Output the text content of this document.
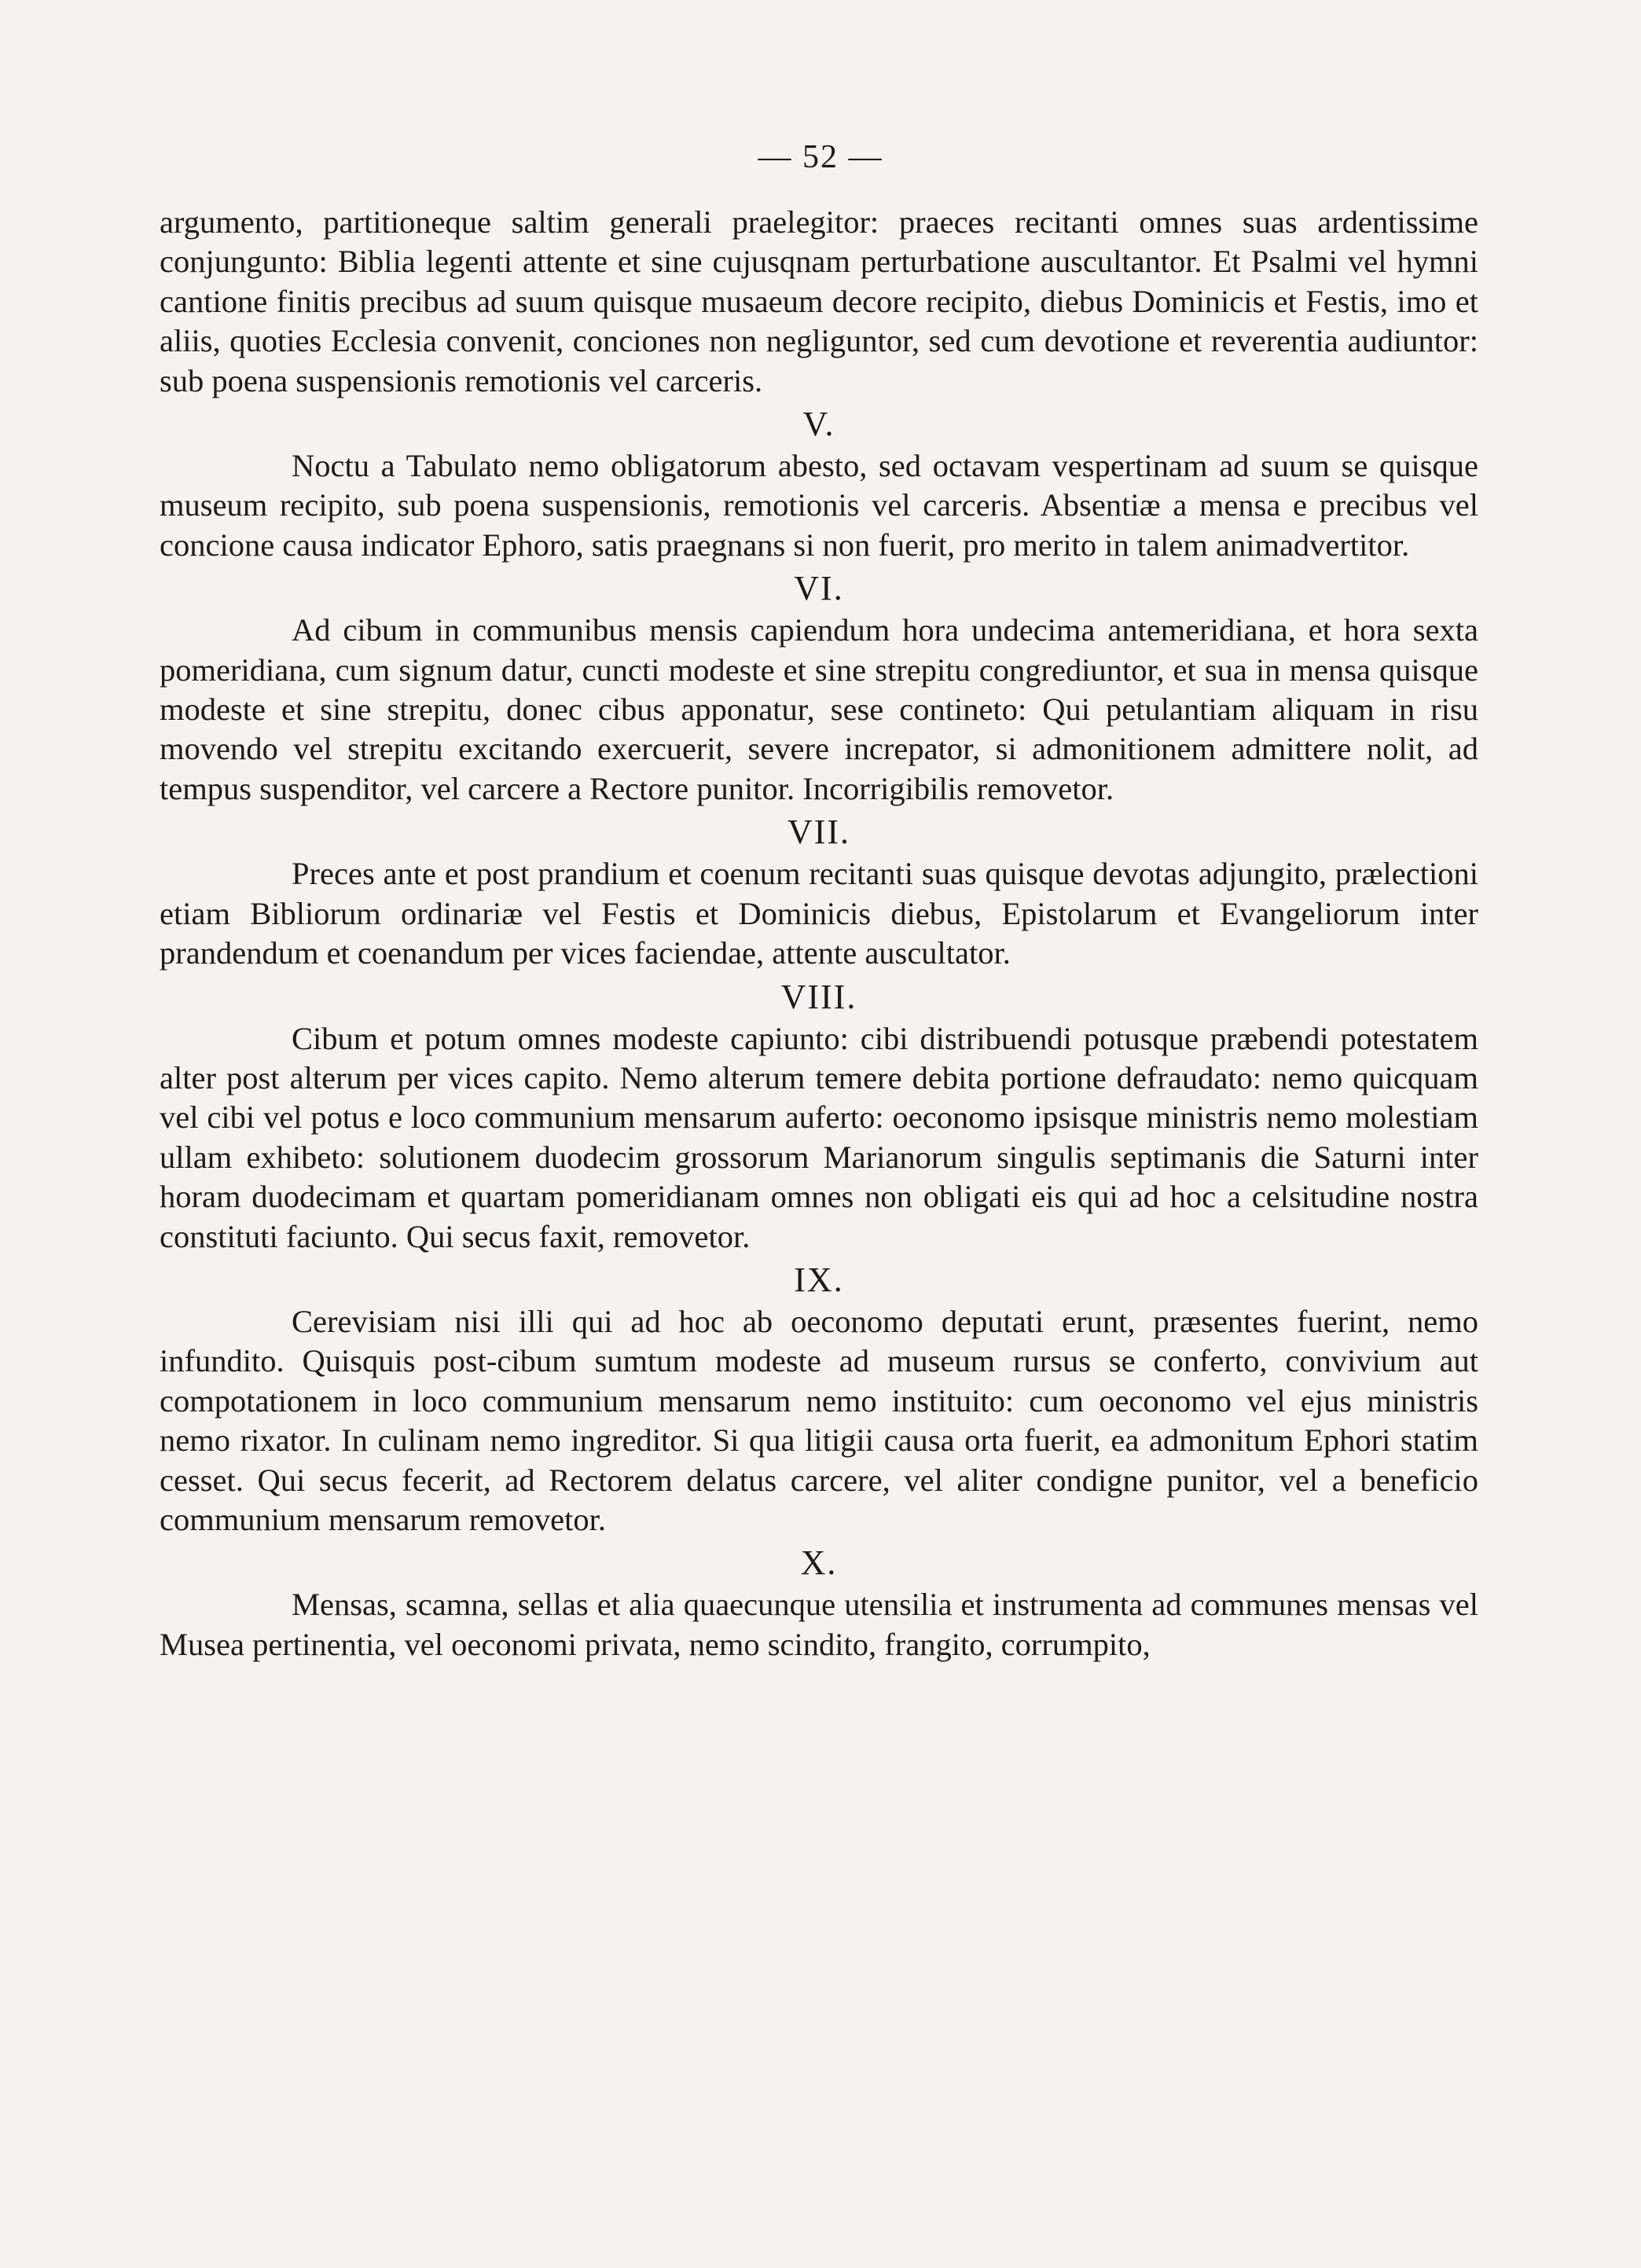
— 52 —

argumento, partitioneque saltim generali praelegitor: praeces recitanti omnes suas ardentissime conjungunto: Biblia legenti attente et sine cujusqnam perturbatione auscultantor. Et Psalmi vel hymni cantione finitis precibus ad suum quisque musaeum decore recipito, diebus Dominicis et Festis, imo et aliis, quoties Ecclesia convenit, conciones non negliguntor, sed cum devotione et reverentia audiuntor: sub poena suspensionis remotionis vel carceris.

V.

Noctu a Tabulato nemo obligatorum abesto, sed octavam vespertinam ad suum se quisque museum recipito, sub poena suspensionis, remotionis vel carceris. Absentiæ a mensa e precibus vel concione causa indicator Ephoro, satis praegnans si non fuerit, pro merito in talem animadvertitor.

VI.

Ad cibum in communibus mensis capiendum hora undecima antemeridiana, et hora sexta pomeridiana, cum signum datur, cuncti modeste et sine strepitu congrediuntor, et sua in mensa quisque modeste et sine strepitu, donec cibus apponatur, sese contineto: Qui petulantiam aliquam in risu movendo vel strepitu excitando exercuerit, severe increpator, si admonitionem admittere nolit, ad tempus suspenditor, vel carcere a Rectore punitor. Incorrigibilis removetor.

VII.

Preces ante et post prandium et coenum recitanti suas quisque devotas adjungito, prælectioni etiam Bibliorum ordinariæ vel Festis et Dominicis diebus, Epistolarum et Evangeliorum inter prandendum et coenandum per vices faciendae, attente auscultator.

VIII.

Cibum et potum omnes modeste capiunto: cibi distribuendi potusque præbendi potestatem alter post alterum per vices capito. Nemo alterum temere debita portione defraudato: nemo quicquam vel cibi vel potus e loco communium mensarum auferto: oeconomo ipsisque ministris nemo molestiam ullam exhibeto: solutionem duodecim grossorum Marianorum singulis septimanis die Saturni inter horam duodecimam et quartam pomeridianam omnes non obligati eis qui ad hoc a celsitudine nostra constituti faciunto. Qui secus faxit, removetor.

IX.

Cerevisiam nisi illi qui ad hoc ab oeconomo deputati erunt, præsentes fuerint, nemo infundito. Quisquis post-cibum sumtum modeste ad museum rursus se conferto, convivium aut compotationem in loco communium mensarum nemo instituito: cum oeconomo vel ejus ministris nemo rixator. In culinam nemo ingreditor. Si qua litigii causa orta fuerit, ea admonitum Ephori statim cesset. Qui secus fecerit, ad Rectorem delatus carcere, vel aliter condigne punitor, vel a beneficio communium mensarum removetor.

X.

Mensas, scamna, sellas et alia quaecunque utensilia et instrumenta ad communes mensas vel Musea pertinentia, vel oeconomi privata, nemo scindito, frangito, corrumpito,
